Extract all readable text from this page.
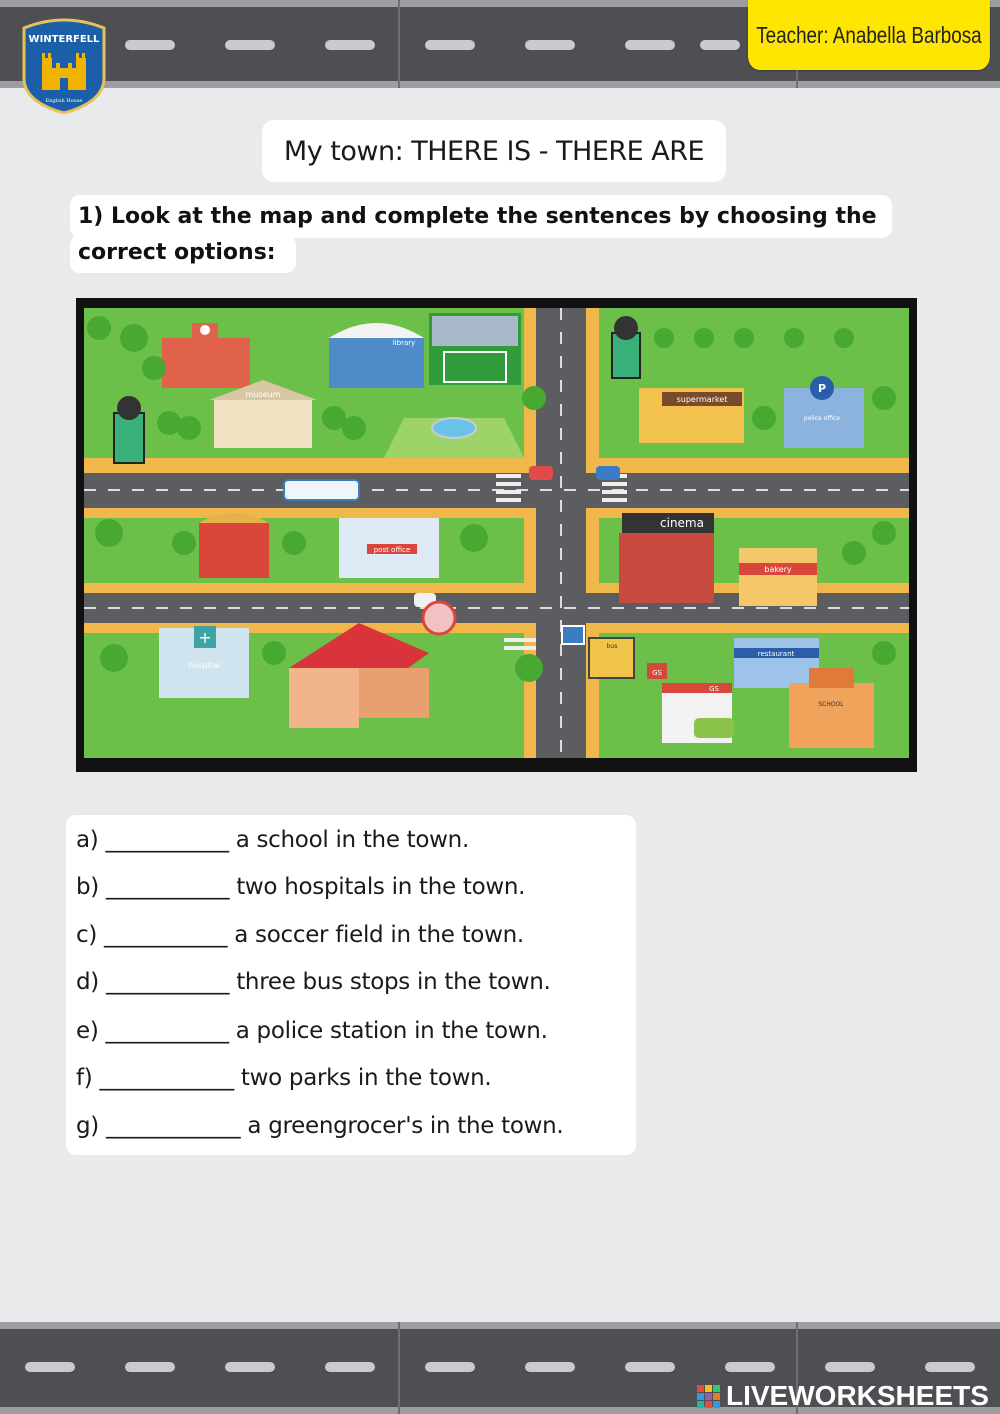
WINTERFELL
English House
Teacher: Anabella Barbosa
My town: THERE IS - THERE ARE
1) Look at the map and complete the sentences by choosing the
correct options:
library
museum
supermarket
P
police office
post office
cinema
bakery
+
hospital
bus
GS
GS
restaurant
SCHOOL
a) ___________ a school in the town.
b) ___________ two hospitals in the town.
c) ___________ a soccer field in the town.
d) ___________ three bus stops in the town.
e) ___________ a police station in the town.
f) ____________ two parks in the town.
g) ____________ a greengrocer's in the town.
LIVEWORKSHEETS
